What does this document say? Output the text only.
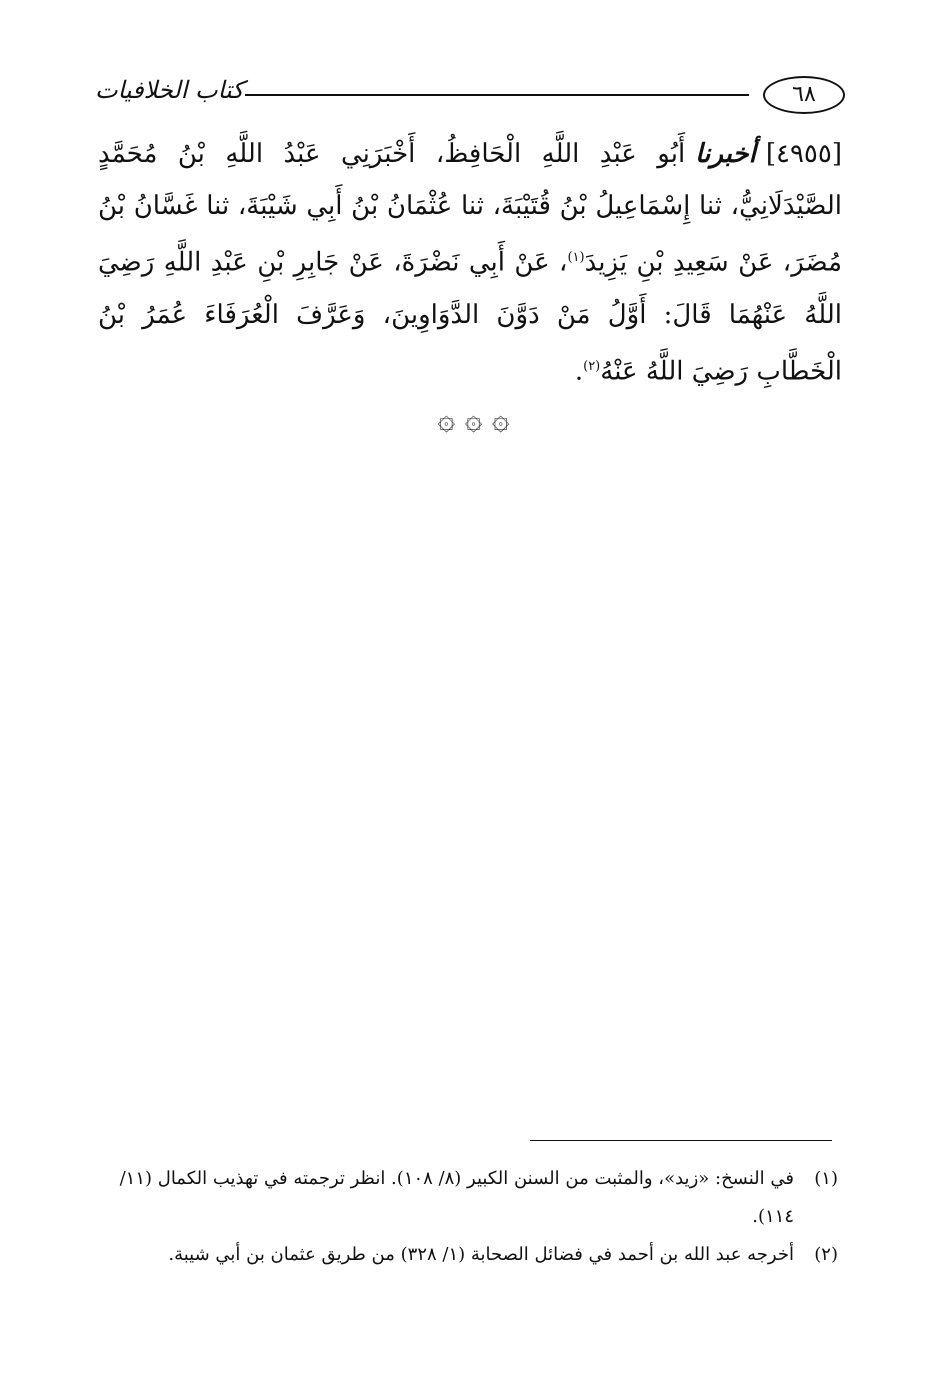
٦٨
كتاب الخلافيات
[٤٩٥٥]أخبرناأَبُو عَبْدِ اللَّهِ الْحَافِظُ، أَخْبَرَنِي عَبْدُ اللَّهِ بْنُ مُحَمَّدٍ الصَّيْدَلَانِيُّ، ثنا إِسْمَاعِيلُ بْنُ قُتَيْبَةَ، ثنا عُثْمَانُ بْنُ أَبِي شَيْبَةَ، ثنا غَسَّانُ بْنُ مُضَرَ، عَنْ سَعِيدِ بْنِ يَزِيدَ$^{(١)}$، عَنْ أَبِي نَضْرَةَ، عَنْ جَابِرِ بْنِ عَبْدِ اللَّهِ رَضِيَ اللَّهُ عَنْهُمَا قَالَ: أَوَّلُ مَنْ دَوَّنَ الدَّوَاوِينَ، وَعَرَّفَ الْعُرَفَاءَ عُمَرُ بْنُ الْخَطَّابِ رَضِيَ اللَّهُ عَنْهُ$^{(٢)}$.
۞ ۞ ۞
(١)
في النسخ: «زيد»، والمثبت من السنن الكبير (٨/ ١٠٨). انظر ترجمته في تهذيب الكمال (١١/ ١١٤).
(٢)
أخرجه عبد الله بن أحمد في فضائل الصحابة (١/ ٣٢٨) من طريق عثمان بن أبي شيبة.
